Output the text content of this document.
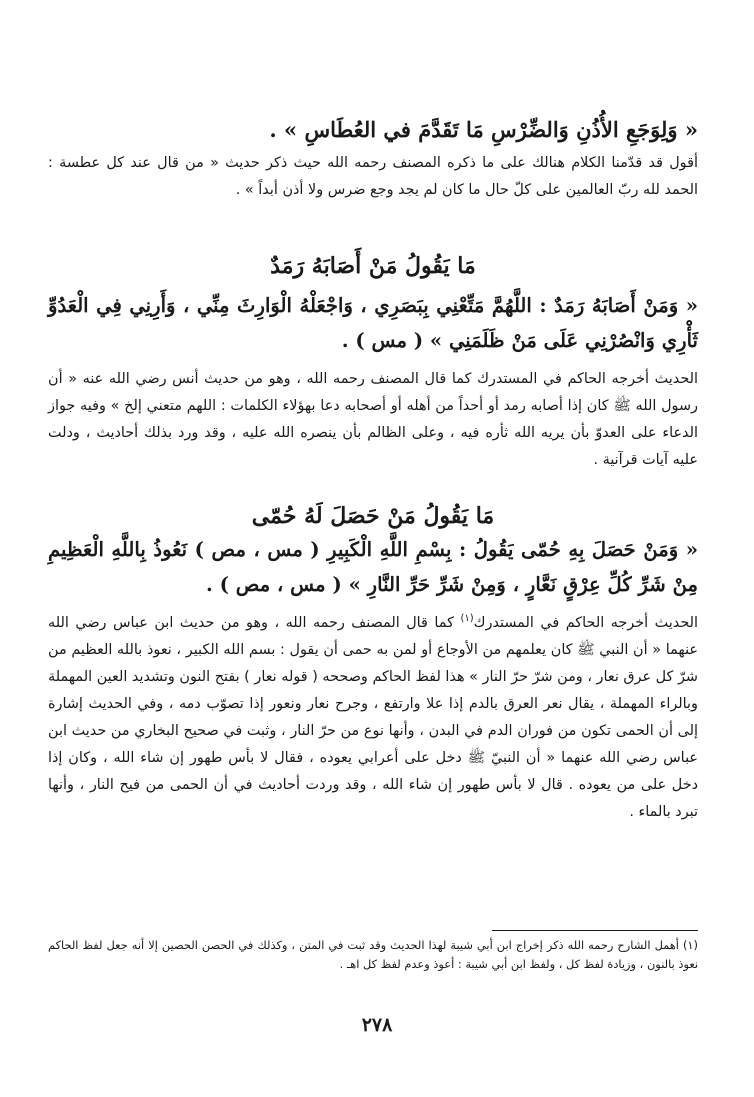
« وَلِوَجَعِ الأُذُنِ وَالضِّرْسِ مَا تَقَدَّمَ في العُطَاسِ » .
أقول قد قدّمنا الكلام هنالك على ما ذكره المصنف رحمه الله حيث ذكر حديث « من قال عند كل عطسة : الحمد لله ربّ العالمين على كلّ حال ما كان لم يجد وجع ضرس ولا أذن أبداً » .
مَا يَقُولُ مَنْ أَصَابَهُ رَمَدٌ
« وَمَنْ أَصَابَهُ رَمَدٌ : اللَّهُمَّ مَتِّعْنِي بِبَصَرِي ، وَاجْعَلْهُ الْوَارِثَ مِنِّي ، وَأَرِنِي فِي الْعَدُوِّ ثَأْرِي وَانْصُرْنِي عَلَى مَنْ ظَلَمَنِي » ( مس ) .
الحديث أخرجه الحاكم في المستدرك كما قال المصنف رحمه الله ، وهو من حديث أنس رضي الله عنه « أن رسول الله ﷺ كان إذا أصابه رمد أو أحداً من أهله أو أصحابه دعا بهؤلاء الكلمات : اللهم متعني إلخ » وفيه جواز الدعاء على العدوّ بأن يريه الله ثأره فيه ، وعلى الظالم بأن ينصره الله عليه ، وقد ورد بذلك أحاديث ، ودلت عليه آيات قرآنية .
مَا يَقُولُ مَنْ حَصَلَ لَهُ حُمّى
« وَمَنْ حَصَلَ بِهِ حُمّى يَقُولُ : بِسْمِ اللَّهِ الْكَبِيرِ ( مس ، مص ) نَعُوذُ بِاللَّهِ الْعَظِيمِ مِنْ شَرِّ كُلِّ عِرْقٍ نَعَّارٍ ، وَمِنْ شَرِّ حَرِّ النَّارِ » ( مس ، مص ) .
الحديث أخرجه الحاكم في المستدرك$^{(١)}$ كما قال المصنف رحمه الله ، وهو من حديث ابن عباس رضي الله عنهما « أن النبي ﷺ كان يعلمهم من الأوجاع أو لمن به حمى أن يقول : بسم الله الكبير ، نعوذ بالله العظيم من شرّ كل عرق نعار ، ومن شرّ حرّ النار » هذا لفظ الحاكم وصححه ( قوله نعار ) بفتح النون وتشديد العين المهملة وبالراء المهملة ، يقال نعر العرق بالدم إذا علا وارتفع ، وجرح نعار ونعور إذا تصوّب دمه ، وفي الحديث إشارة إلى أن الحمى تكون من فوران الدم في البدن ، وأنها نوع من حرّ النار ، وثبت في صحيح البخاري من حديث ابن عباس رضي الله عنهما « أن النبيّ ﷺ دخل على أعرابي يعوده ، فقال لا بأس طهور إن شاء الله ، وكان إذا دخل على من يعوده . قال لا بأس طهور إن شاء الله ، وقد وردت أحاديث في أن الحمى من فيح النار ، وأنها تبرد بالماء .
(١) أهمل الشارح رحمه الله ذكر إخراج ابن أبي شيبة لهذا الحديث وقد ثبت في المتن ، وكذلك في الحصن الحصين إلا أنه جعل لفظ الحاكم نعوذ بالنون ، وزيادة لفظ كل ، ولفظ ابن أبي شيبة : أعوذ وعدم لفظ كل اهـ .
٢٧٨
